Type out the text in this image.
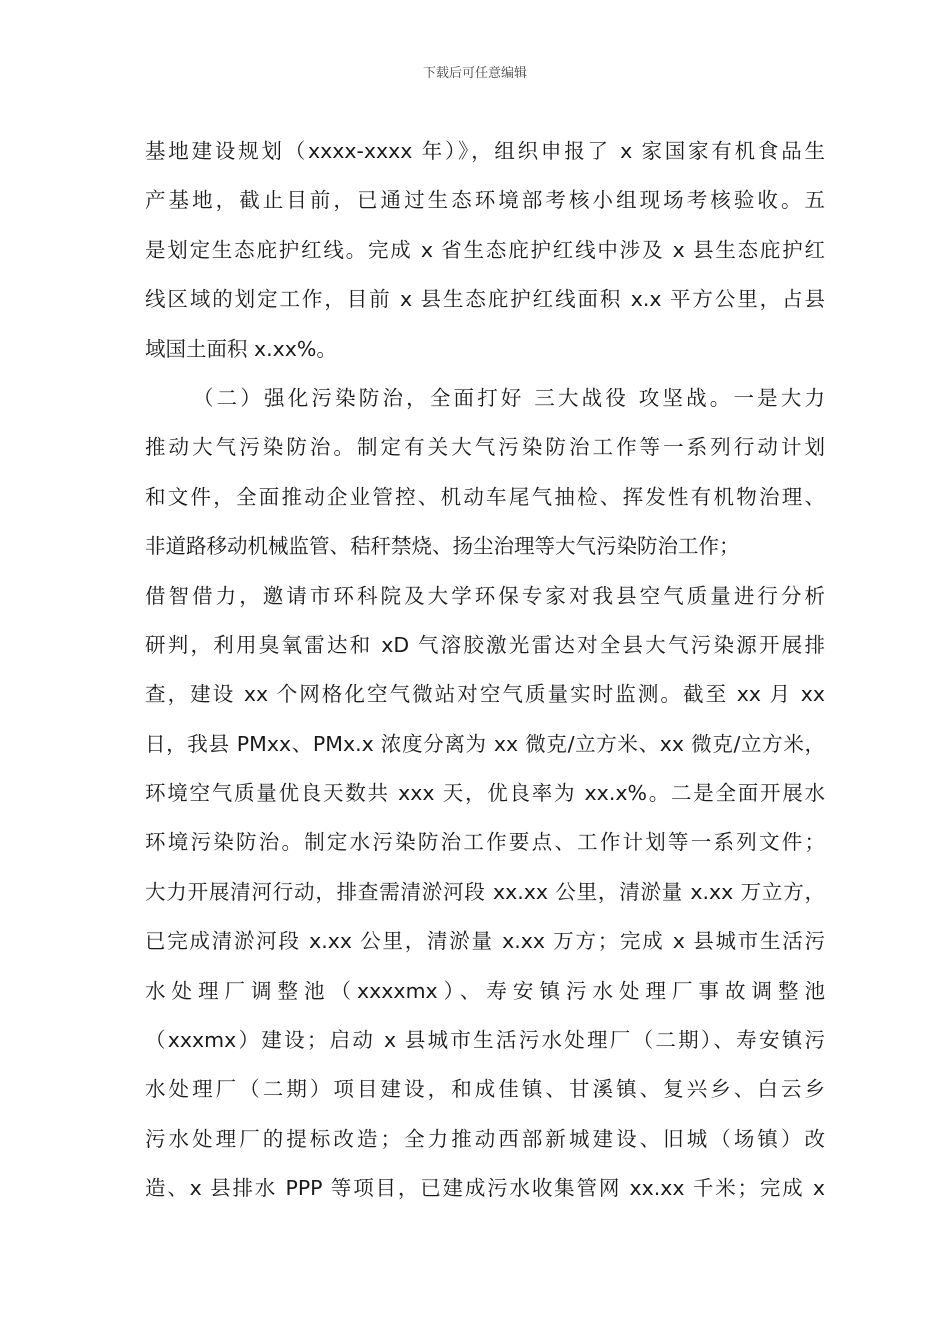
下载后可任意编辑
基地建设规划（xxxx-xxxx 年）》，组织申报了 x 家国家有机食品生
产基地，截止目前，已通过生态环境部考核小组现场考核验收。五
是划定生态庇护红线。完成 x 省生态庇护红线中涉及 x 县生态庇护红
线区域的划定工作，目前 x 县生态庇护红线面积 x.x 平方公里，占县
域国土面积 x.xx%。
（二）强化污染防治，全面打好 三大战役 攻坚战。一是大力
推动大气污染防治。制定有关大气污染防治工作等一系列行动计划
和文件，全面推动企业管控、机动车尾气抽检、挥发性有机物治理、
非道路移动机械监管、秸秆禁烧、扬尘治理等大气污染防治工作；
借智借力，邀请市环科院及大学环保专家对我县空气质量进行分析
研判，利用臭氧雷达和 xD 气溶胶激光雷达对全县大气污染源开展排
查，建设 xx 个网格化空气微站对空气质量实时监测。截至 xx 月 xx
日，我县 PMxx、PMx.x 浓度分离为 xx 微克/立方米、xx 微克/立方米，
环境空气质量优良天数共 xxx 天，优良率为 xx.x%。二是全面开展水
环境污染防治。制定水污染防治工作要点、工作计划等一系列文件；
大力开展清河行动，排查需清淤河段 xx.xx 公里，清淤量 x.xx 万立方，
已完成清淤河段 x.xx 公里，清淤量 x.xx 万方；完成 x 县城市生活污
水处理厂调整池（xxxxmx）、寿安镇污水处理厂事故调整池
（xxxmx）建设；启动 x 县城市生活污水处理厂（二期）、寿安镇污
水处理厂（二期）项目建设，和成佳镇、甘溪镇、复兴乡、白云乡
污水处理厂的提标改造；全力推动西部新城建设、旧城（场镇）改
造、x 县排水 PPP 等项目，已建成污水收集管网 xx.xx 千米；完成 x
